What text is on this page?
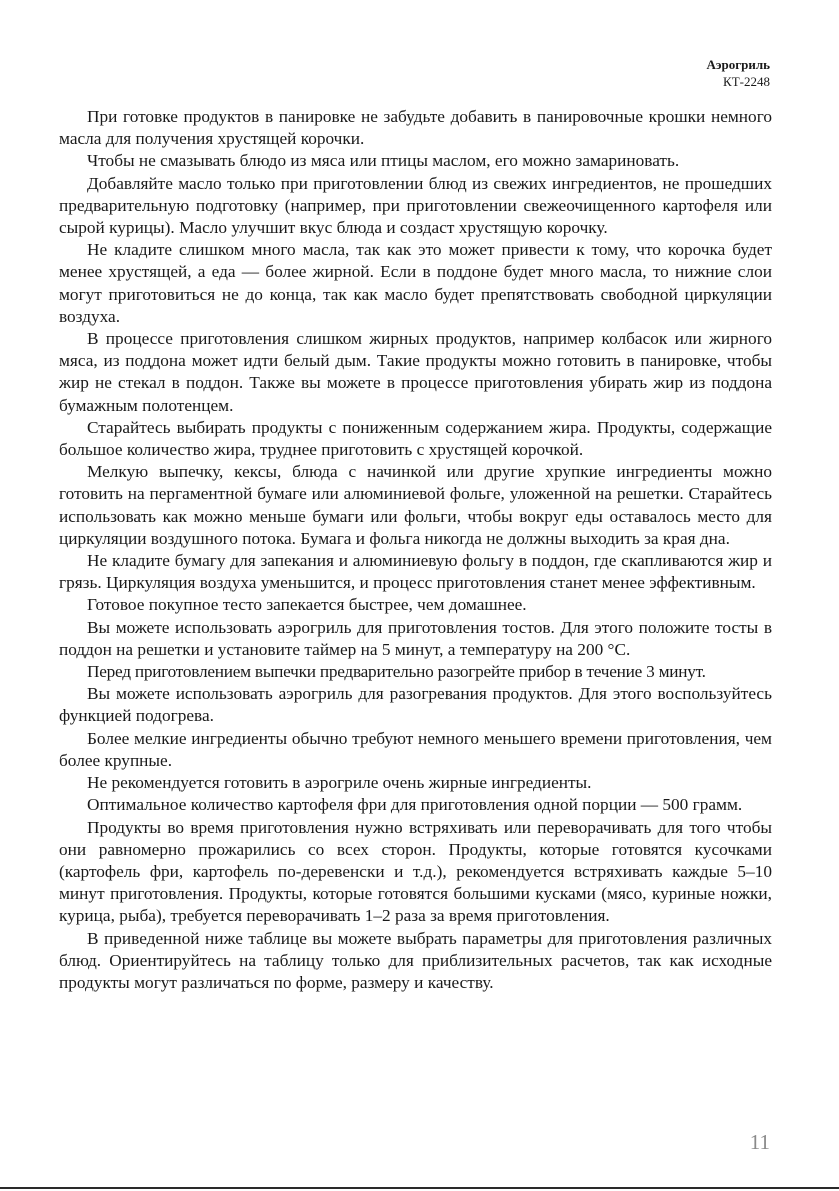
Аэрогриль
КТ-2248

При готовке продуктов в панировке не забудьте добавить в панировочные крошки немного масла для получения хрустящей корочки.

Чтобы не смазывать блюдо из мяса или птицы маслом, его можно замариновать.

Добавляйте масло только при приготовлении блюд из свежих ингредиентов, не прошедших предварительную подготовку (например, при приготовлении свежеочищенного картофеля или сырой курицы). Масло улучшит вкус блюда и создаст хрустящую корочку.

Не кладите слишком много масла, так как это может привести к тому, что корочка будет менее хрустящей, а еда — более жирной. Если в поддоне будет много масла, то нижние слои могут приготовиться не до конца, так как масло будет препятствовать свободной циркуляции воздуха.

В процессе приготовления слишком жирных продуктов, например колбасок или жирного мяса, из поддона может идти белый дым. Такие продукты можно готовить в панировке, чтобы жир не стекал в поддон. Также вы можете в процессе приготовления убирать жир из поддона бумажным полотенцем.

Старайтесь выбирать продукты с пониженным содержанием жира. Продукты, содержащие большое количество жира, труднее приготовить с хрустящей корочкой.

Мелкую выпечку, кексы, блюда с начинкой или другие хрупкие ингредиенты можно готовить на пергаментной бумаге или алюминиевой фольге, уложенной на решетки. Старайтесь использовать как можно меньше бумаги или фольги, чтобы вокруг еды оставалось место для циркуляции воздушного потока. Бумага и фольга никогда не должны выходить за края дна.

Не кладите бумагу для запекания и алюминиевую фольгу в поддон, где скапливаются жир и грязь. Циркуляция воздуха уменьшится, и процесс приготовления станет менее эффективным.

Готовое покупное тесто запекается быстрее, чем домашнее.

Вы можете использовать аэрогриль для приготовления тостов. Для этого положите тосты в поддон на решетки и установите таймер на 5 минут, а температуру на 200 °С.

Перед приготовлением выпечки предварительно разогрейте прибор в течение 3 минут.

Вы можете использовать аэрогриль для разогревания продуктов. Для этого воспользуйтесь функцией подогрева.

Более мелкие ингредиенты обычно требуют немного меньшего времени приготовления, чем более крупные.

Не рекомендуется готовить в аэрогриле очень жирные ингредиенты.

Оптимальное количество картофеля фри для приготовления одной порции — 500 грамм.

Продукты во время приготовления нужно встряхивать или переворачивать для того чтобы они равномерно прожарились со всех сторон. Продукты, которые готовятся кусочками (картофель фри, картофель по-деревенски и т.д.), рекомендуется встряхивать каждые 5–10 минут приготовления. Продукты, которые готовятся большими кусками (мясо, куриные ножки, курица, рыба), требуется переворачивать 1–2 раза за время приготовления.

В приведенной ниже таблице вы можете выбрать параметры для приготовления различных блюд. Ориентируйтесь на таблицу только для приблизительных расчетов, так как исходные продукты могут различаться по форме, размеру и качеству.

11
